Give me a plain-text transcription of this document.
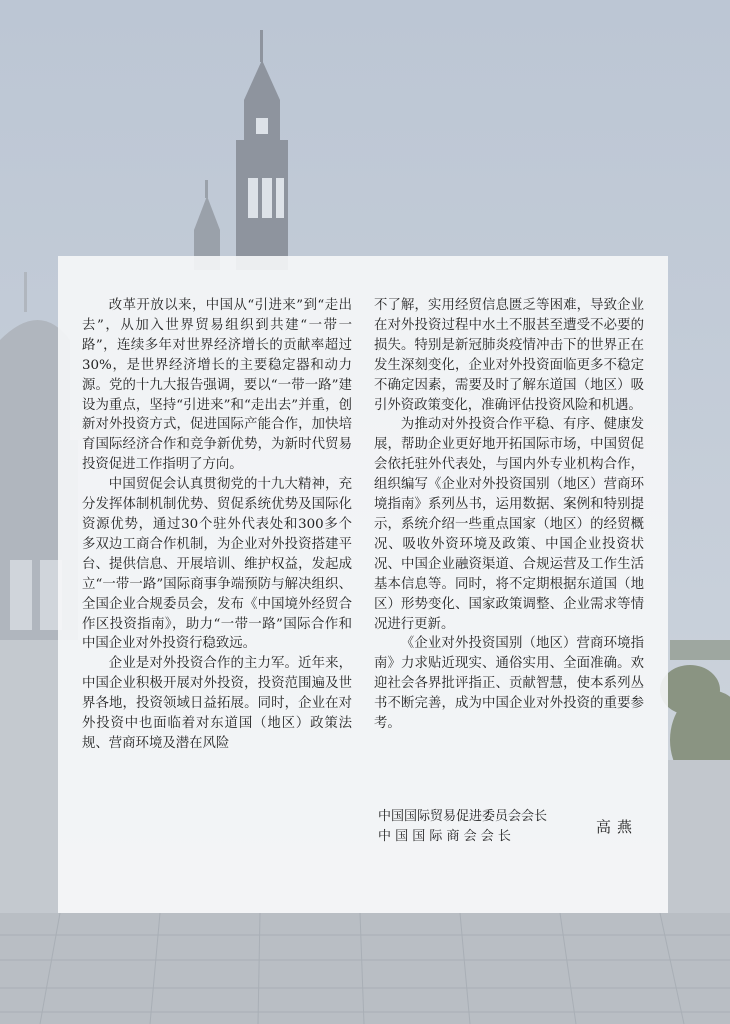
改革开放以来，中国从“引进来”到“走出去”，从加入世界贸易组织到共建“一带一路”，连续多年对世界经济增长的贡献率超过30%，是世界经济增长的主要稳定器和动力源。党的十九大报告强调，要以“一带一路”建设为重点，坚持“引进来”和“走出去”并重，创新对外投资方式，促进国际产能合作，加快培育国际经济合作和竞争新优势，为新时代贸易投资促进工作指明了方向。

中国贸促会认真贯彻党的十九大精神，充分发挥体制机制优势、贸促系统优势及国际化资源优势，通过30个驻外代表处和300多个多双边工商合作机制，为企业对外投资搭建平台、提供信息、开展培训、维护权益，发起成立“一带一路”国际商事争端预防与解决组织、全国企业合规委员会，发布《中国境外经贸合作区投资指南》，助力“一带一路”国际合作和中国企业对外投资行稳致远。

企业是对外投资合作的主力军。近年来，中国企业积极开展对外投资，投资范围遍及世界各地，投资领域日益拓展。同时，企业在对外投资中也面临着对东道国（地区）政策法规、营商环境及潜在风险

不了解，实用经贸信息匮乏等困难，导致企业在对外投资过程中水土不服甚至遭受不必要的损失。特别是新冠肺炎疫情冲击下的世界正在发生深刻变化，企业对外投资面临更多不稳定不确定因素，需要及时了解东道国（地区）吸引外资政策变化，准确评估投资风险和机遇。

为推动对外投资合作平稳、有序、健康发展，帮助企业更好地开拓国际市场，中国贸促会依托驻外代表处，与国内外专业机构合作，组织编写《企业对外投资国别（地区）营商环境指南》系列丛书，运用数据、案例和特别提示，系统介绍一些重点国家（地区）的经贸概况、吸收外资环境及政策、中国企业投资状况、中国企业融资渠道、合规运营及工作生活基本信息等。同时，将不定期根据东道国（地区）形势变化、国家政策调整、企业需求等情况进行更新。

《企业对外投资国别（地区）营商环境指南》力求贴近现实、通俗实用、全面准确。欢迎社会各界批评指正、贡献智慧，使本系列丛书不断完善，成为中国企业对外投资的重要参考。

中国国际贸易促进委员会会长
中 国 国 际 商 会 会 长
高燕
